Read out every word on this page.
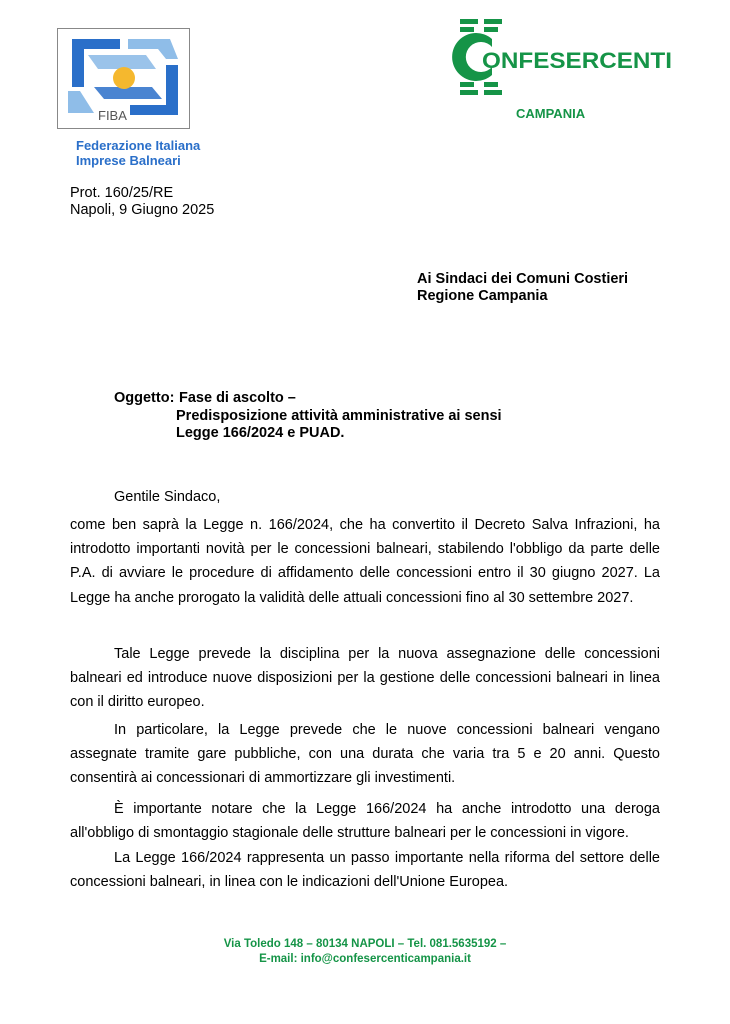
FIBA
Federazione Italiana
Imprese Balneari
ONFESERCENTI
CAMPANIA
Prot. 160/25/RE
Napoli, 9 Giugno 2025
Ai Sindaci dei Comuni Costieri
Regione Campania
Oggetto: Fase di ascolto –
Predisposizione attività amministrative ai sensi
Legge 166/2024 e PUAD.
Gentile Sindaco,

come ben saprà la Legge n. 166/2024, che ha convertito il Decreto Salva Infrazioni, ha introdotto importanti novità per le concessioni balneari, stabilendo l'obbligo da parte delle P.A. di avviare le procedure di affidamento delle concessioni entro il 30 giugno 2027. La Legge ha anche prorogato la validità delle attuali concessioni fino al 30 settembre 2027.

Tale Legge prevede la disciplina per la nuova assegnazione delle concessioni balneari ed introduce nuove disposizioni per la gestione delle concessioni balneari in linea con il diritto europeo.

In particolare, la Legge prevede che le nuove concessioni balneari vengano assegnate tramite gare pubbliche, con una durata che varia tra 5 e 20 anni. Questo consentirà ai concessionari di ammortizzare gli investimenti.

È importante notare che la Legge 166/2024 ha anche introdotto una deroga all'obbligo di smontaggio stagionale delle strutture balneari per le concessioni in vigore.

La Legge 166/2024 rappresenta un passo importante nella riforma del settore delle concessioni balneari, in linea con le indicazioni dell'Unione Europea.

Via Toledo 148 – 80134 NAPOLI – Tel. 081.5635192 –
E-mail: info@confesercenticampania.it
